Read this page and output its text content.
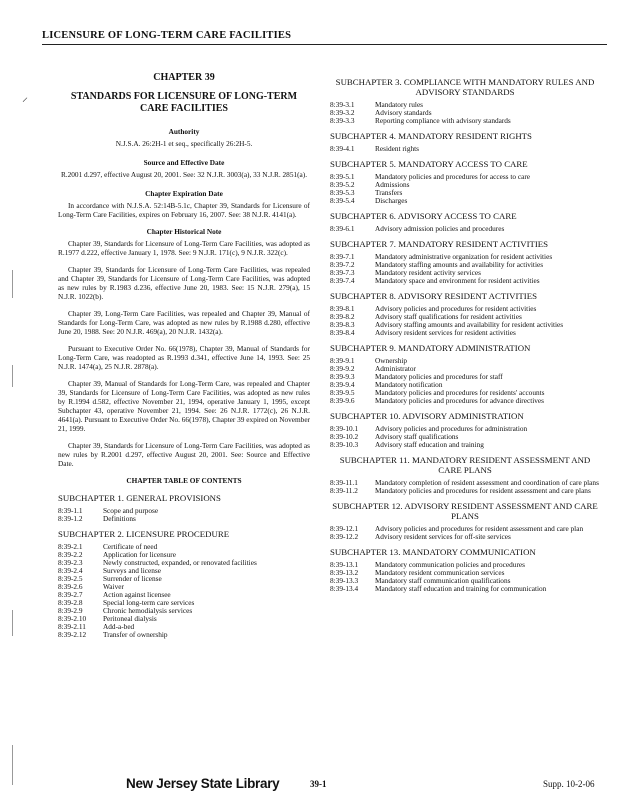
LICENSURE OF LONG-TERM CARE FACILITIES
⸝
CHAPTER 39
STANDARDS FOR LICENSURE OF LONG-TERM CARE FACILITIES
Authority
N.J.S.A. 26:2H-1 et seq., specifically 26:2H-5.
Source and Effective Date
R.2001 d.297, effective August 20, 2001. See: 32 N.J.R. 3003(a), 33 N.J.R. 2851(a).
Chapter Expiration Date
In accordance with N.J.S.A. 52:14B-5.1c, Chapter 39, Standards for Licensure of Long-Term Care Facilities, expires on February 16, 2007. See: 38 N.J.R. 4141(a).
Chapter Historical Note
Chapter 39, Standards for Licensure of Long-Term Care Facilities, was adopted as R.1977 d.222, effective January 1, 1978. See: 9 N.J.R. 171(c), 9 N.J.R. 322(c).
Chapter 39, Standards for Licensure of Long-Term Care Facilities, was repealed and Chapter 39, Standards for Licensure of Long-Term Care Facilities, was adopted as new rules by R.1983 d.236, effective June 20, 1983. See: 15 N.J.R. 279(a), 15 N.J.R. 1022(b).
Chapter 39, Long-Term Care Facilities, was repealed and Chapter 39, Manual of Standards for Long-Term Care, was adopted as new rules by R.1988 d.280, effective June 20, 1988. See: 20 N.J.R. 469(a), 20 N.J.R. 1432(a).
Pursuant to Executive Order No. 66(1978), Chapter 39, Manual of Standards for Long-Term Care, was readopted as R.1993 d.341, effective June 14, 1993. See: 25 N.J.R. 1474(a), 25 N.J.R. 2878(a).
Chapter 39, Manual of Standards for Long-Term Care, was repealed and Chapter 39, Standards for Licensure of Long-Term Care Facilities, was adopted as new rules by R.1994 d.582, effective November 21, 1994, operative January 1, 1995, except Subchapter 43, operative November 21, 1994. See: 26 N.J.R. 1772(c), 26 N.J.R. 4641(a). Pursuant to Executive Order No. 66(1978), Chapter 39 expired on November 21, 1999.
Chapter 39, Standards for Licensure of Long-Term Care Facilities, was adopted as new rules by R.2001 d.297, effective August 20, 2001. See: Source and Effective Date.
CHAPTER TABLE OF CONTENTS
SUBCHAPTER 1. GENERAL PROVISIONS
8:39-1.1	Scope and purpose
8:39-1.2	Definitions
SUBCHAPTER 2. LICENSURE PROCEDURE
8:39-2.1	Certificate of need
8:39-2.2	Application for licensure
8:39-2.3	Newly constructed, expanded, or renovated facilities
8:39-2.4	Surveys and license
8:39-2.5	Surrender of license
8:39-2.6	Waiver
8:39-2.7	Action against licensee
8:39-2.8	Special long-term care services
8:39-2.9	Chronic hemodialysis services
8:39-2.10	Peritoneal dialysis
8:39-2.11	Add-a-bed
8:39-2.12	Transfer of ownership
SUBCHAPTER 3. COMPLIANCE WITH MANDATORY RULES AND ADVISORY STANDARDS
8:39-3.1	Mandatory rules
8:39-3.2	Advisory standards
8:39-3.3	Reporting compliance with advisory standards
SUBCHAPTER 4. MANDATORY RESIDENT RIGHTS
8:39-4.1	Resident rights
SUBCHAPTER 5. MANDATORY ACCESS TO CARE
8:39-5.1	Mandatory policies and procedures for access to care
8:39-5.2	Admissions
8:39-5.3	Transfers
8:39-5.4	Discharges
SUBCHAPTER 6. ADVISORY ACCESS TO CARE
8:39-6.1	Advisory admission policies and procedures
SUBCHAPTER 7. MANDATORY RESIDENT ACTIVITIES
8:39-7.1	Mandatory administrative organization for resident activities
8:39-7.2	Mandatory staffing amounts and availability for activities
8:39-7.3	Mandatory resident activity services
8:39-7.4	Mandatory space and environment for resident activities
SUBCHAPTER 8. ADVISORY RESIDENT ACTIVITIES
8:39-8.1	Advisory policies and procedures for resident activities
8:39-8.2	Advisory staff qualifications for resident activities
8:39-8.3	Advisory staffing amounts and availability for resident activities
8:39-8.4	Advisory resident services for resident activities
SUBCHAPTER 9. MANDATORY ADMINISTRATION
8:39-9.1	Ownership
8:39-9.2	Administrator
8:39-9.3	Mandatory policies and procedures for staff
8:39-9.4	Mandatory notification
8:39-9.5	Mandatory policies and procedures for residents' accounts
8:39-9.6	Mandatory policies and procedures for advance directives
SUBCHAPTER 10. ADVISORY ADMINISTRATION
8:39-10.1	Advisory policies and procedures for administration
8:39-10.2	Advisory staff qualifications
8:39-10.3	Advisory staff education and training
SUBCHAPTER 11. MANDATORY RESIDENT ASSESSMENT AND CARE PLANS
8:39-11.1	Mandatory completion of resident assessment and coordination of care plans
8:39-11.2	Mandatory policies and procedures for resident assessment and care plans
SUBCHAPTER 12. ADVISORY RESIDENT ASSESSMENT AND CARE PLANS
8:39-12.1	Advisory policies and procedures for resident assessment and care plan
8:39-12.2	Advisory resident services for off-site services
SUBCHAPTER 13. MANDATORY COMMUNICATION
8:39-13.1	Mandatory communication policies and procedures
8:39-13.2	Mandatory resident communication services
8:39-13.3	Mandatory staff communication qualifications
8:39-13.4	Mandatory staff education and training for communication
New Jersey State Library	39-1	Supp. 10-2-06
